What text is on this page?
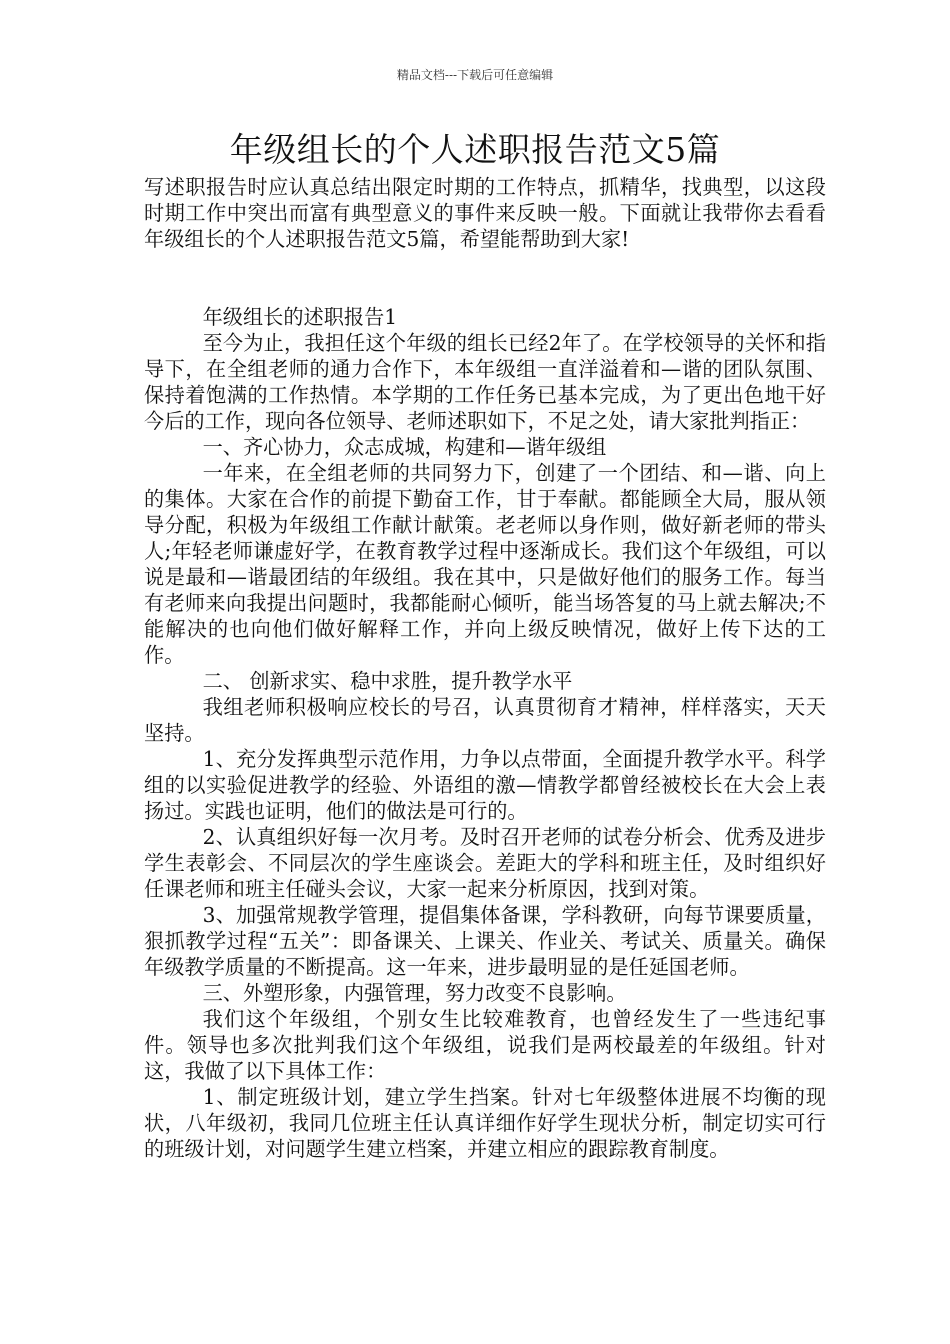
精品文档---下载后可任意编辑
年级组长的个人述职报告范文5篇

写述职报告时应认真总结出限定时期的工作特点，抓精华，找典型，以这段时期工作中突出而富有典型意义的事件来反映一般。下面就让我带你去看看年级组长的个人述职报告范文5篇，希望能帮助到大家!

年级组长的述职报告1

至今为止，我担任这个年级的组长已经2年了。在学校领导的关怀和指导下，在全组老师的通力合作下，本年级组一直洋溢着和—谐的团队氛围、保持着饱满的工作热情。本学期的工作任务已基本完成，为了更出色地干好今后的工作，现向各位领导、老师述职如下，不足之处，请大家批判指正：

一、齐心协力，众志成城，构建和—谐年级组

一年来，在全组老师的共同努力下，创建了一个团结、和—谐、向上的集体。大家在合作的前提下勤奋工作，甘于奉献。都能顾全大局，服从领导分配，积极为年级组工作献计献策。老老师以身作则，做好新老师的带头人;年轻老师谦虚好学，在教育教学过程中逐渐成长。我们这个年级组，可以说是最和—谐最团结的年级组。我在其中，只是做好他们的服务工作。每当有老师来向我提出问题时，我都能耐心倾听，能当场答复的马上就去解决;不能解决的也向他们做好解释工作，并向上级反映情况，做好上传下达的工作。

二、 创新求实、稳中求胜，提升教学水平

我组老师积极响应校长的号召，认真贯彻育才精神，样样落实，天天坚持。

1、充分发挥典型示范作用，力争以点带面，全面提升教学水平。科学组的以实验促进教学的经验、外语组的激—情教学都曾经被校长在大会上表扬过。实践也证明，他们的做法是可行的。

2、认真组织好每一次月考。及时召开老师的试卷分析会、优秀及进步学生表彰会、不同层次的学生座谈会。差距大的学科和班主任，及时组织好任课老师和班主任碰头会议，大家一起来分析原因，找到对策。

3、加强常规教学管理，提倡集体备课，学科教研，向每节课要质量，狠抓教学过程“五关”：即备课关、上课关、作业关、考试关、质量关。确保年级教学质量的不断提高。这一年来，进步最明显的是任延国老师。

三、外塑形象，内强管理，努力改变不良影响。

我们这个年级组，个别女生比较难教育，也曾经发生了一些违纪事件。领导也多次批判我们这个年级组，说我们是两校最差的年级组。针对这，我做了以下具体工作：

1、制定班级计划，建立学生挡案。针对七年级整体进展不均衡的现状，八年级初，我同几位班主任认真详细作好学生现状分析，制定切实可行的班级计划，对问题学生建立档案，并建立相应的跟踪教育制度。
